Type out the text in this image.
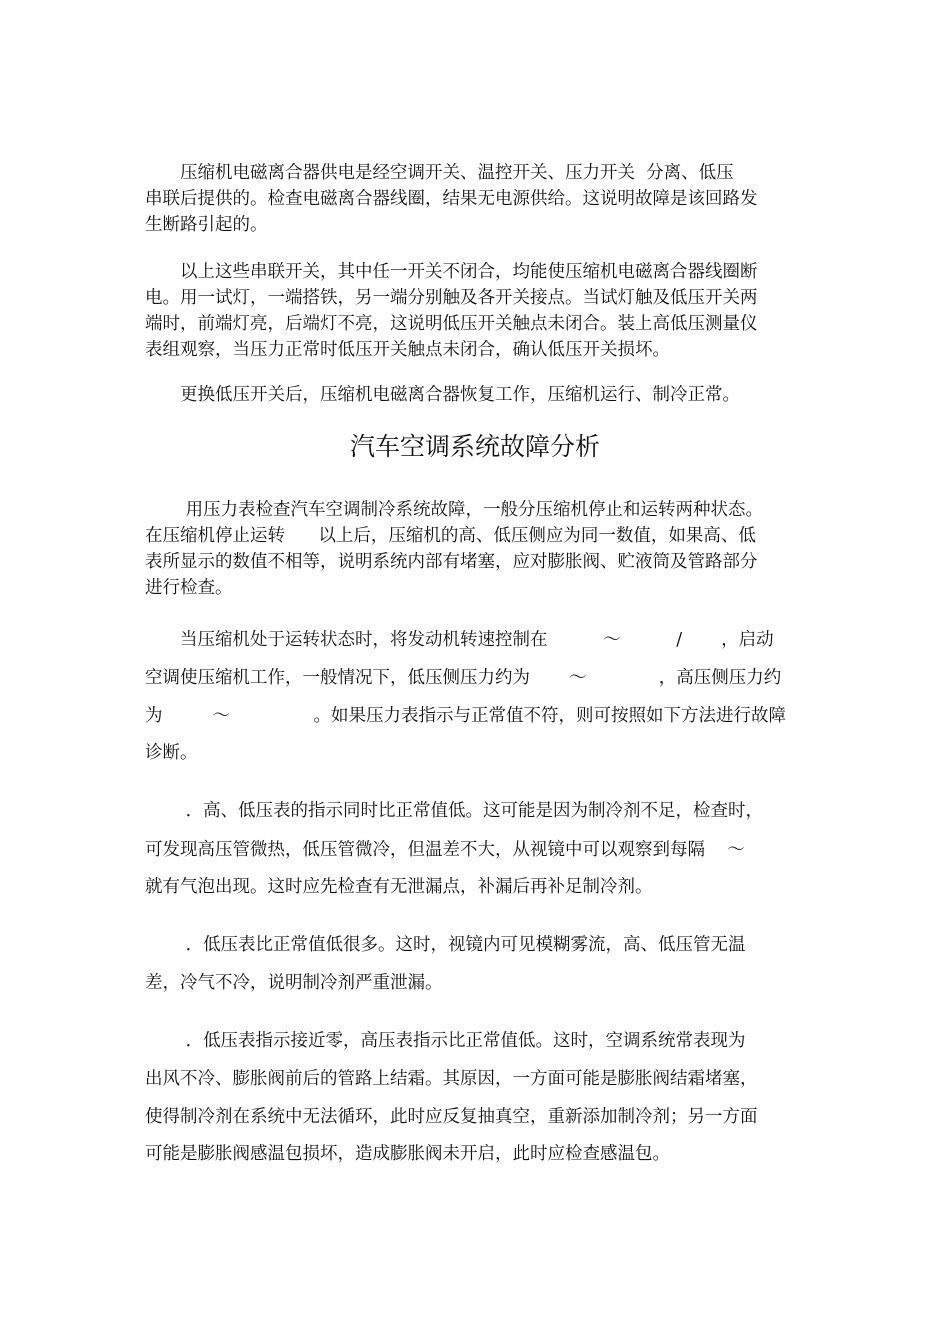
　　压缩机电磁离合器供电是经空调开关、温控开关、压力开关  分离、低压

串联后提供的。检查电磁离合器线圈，结果无电源供给。这说明故障是该回路发

生断路引起的。

　　以上这些串联开关，其中任一开关不闭合，均能使压缩机电磁离合器线圈断

电。用一试灯，一端搭铁，另一端分别触及各开关接点。当试灯触及低压开关两

端时，前端灯亮，后端灯不亮，这说明低压开关触点未闭合。装上高低压测量仪

表组观察，当压力正常时低压开关触点未闭合，确认低压开关损坏。

　　更换低压开关后，压缩机电磁离合器恢复工作，压缩机运行、制冷正常。

汽车空调系统故障分析

　　 用压力表检查汽车空调制冷系统故障，一般分压缩机停止和运转两种状态。

在压缩机停止运转      以上后，压缩机的高、低压侧应为同一数值，如果高、低

表所显示的数值不相等，说明系统内部有堵塞，应对膨胀阀、贮液筒及管路部分

进行检查。

　　当压缩机处于运转状态时，将发动机转速控制在          ～          /       ，启动

空调使压缩机工作，一般情况下，低压侧压力约为       ～             ，高压侧压力约

为         ～               。如果压力表指示与正常值不符，则可按照如下方法进行故障

诊断。

　　 ．高、低压表的指示同时比正常值低。这可能是因为制冷剂不足，检查时，

可发现高压管微热，低压管微冷，但温差不大，从视镜中可以观察到每隔    ～

就有气泡出现。这时应先检查有无泄漏点，补漏后再补足制冷剂。

　　 ．低压表比正常值低很多。这时，视镜内可见模糊雾流，高、低压管无温

差，冷气不冷，说明制冷剂严重泄漏。

　　 ．低压表指示接近零，高压表指示比正常值低。这时，空调系统常表现为

出风不冷、膨胀阀前后的管路上结霜。其原因，一方面可能是膨胀阀结霜堵塞，

使得制冷剂在系统中无法循环，此时应反复抽真空，重新添加制冷剂；另一方面

可能是膨胀阀感温包损坏，造成膨胀阀未开启，此时应检查感温包。
